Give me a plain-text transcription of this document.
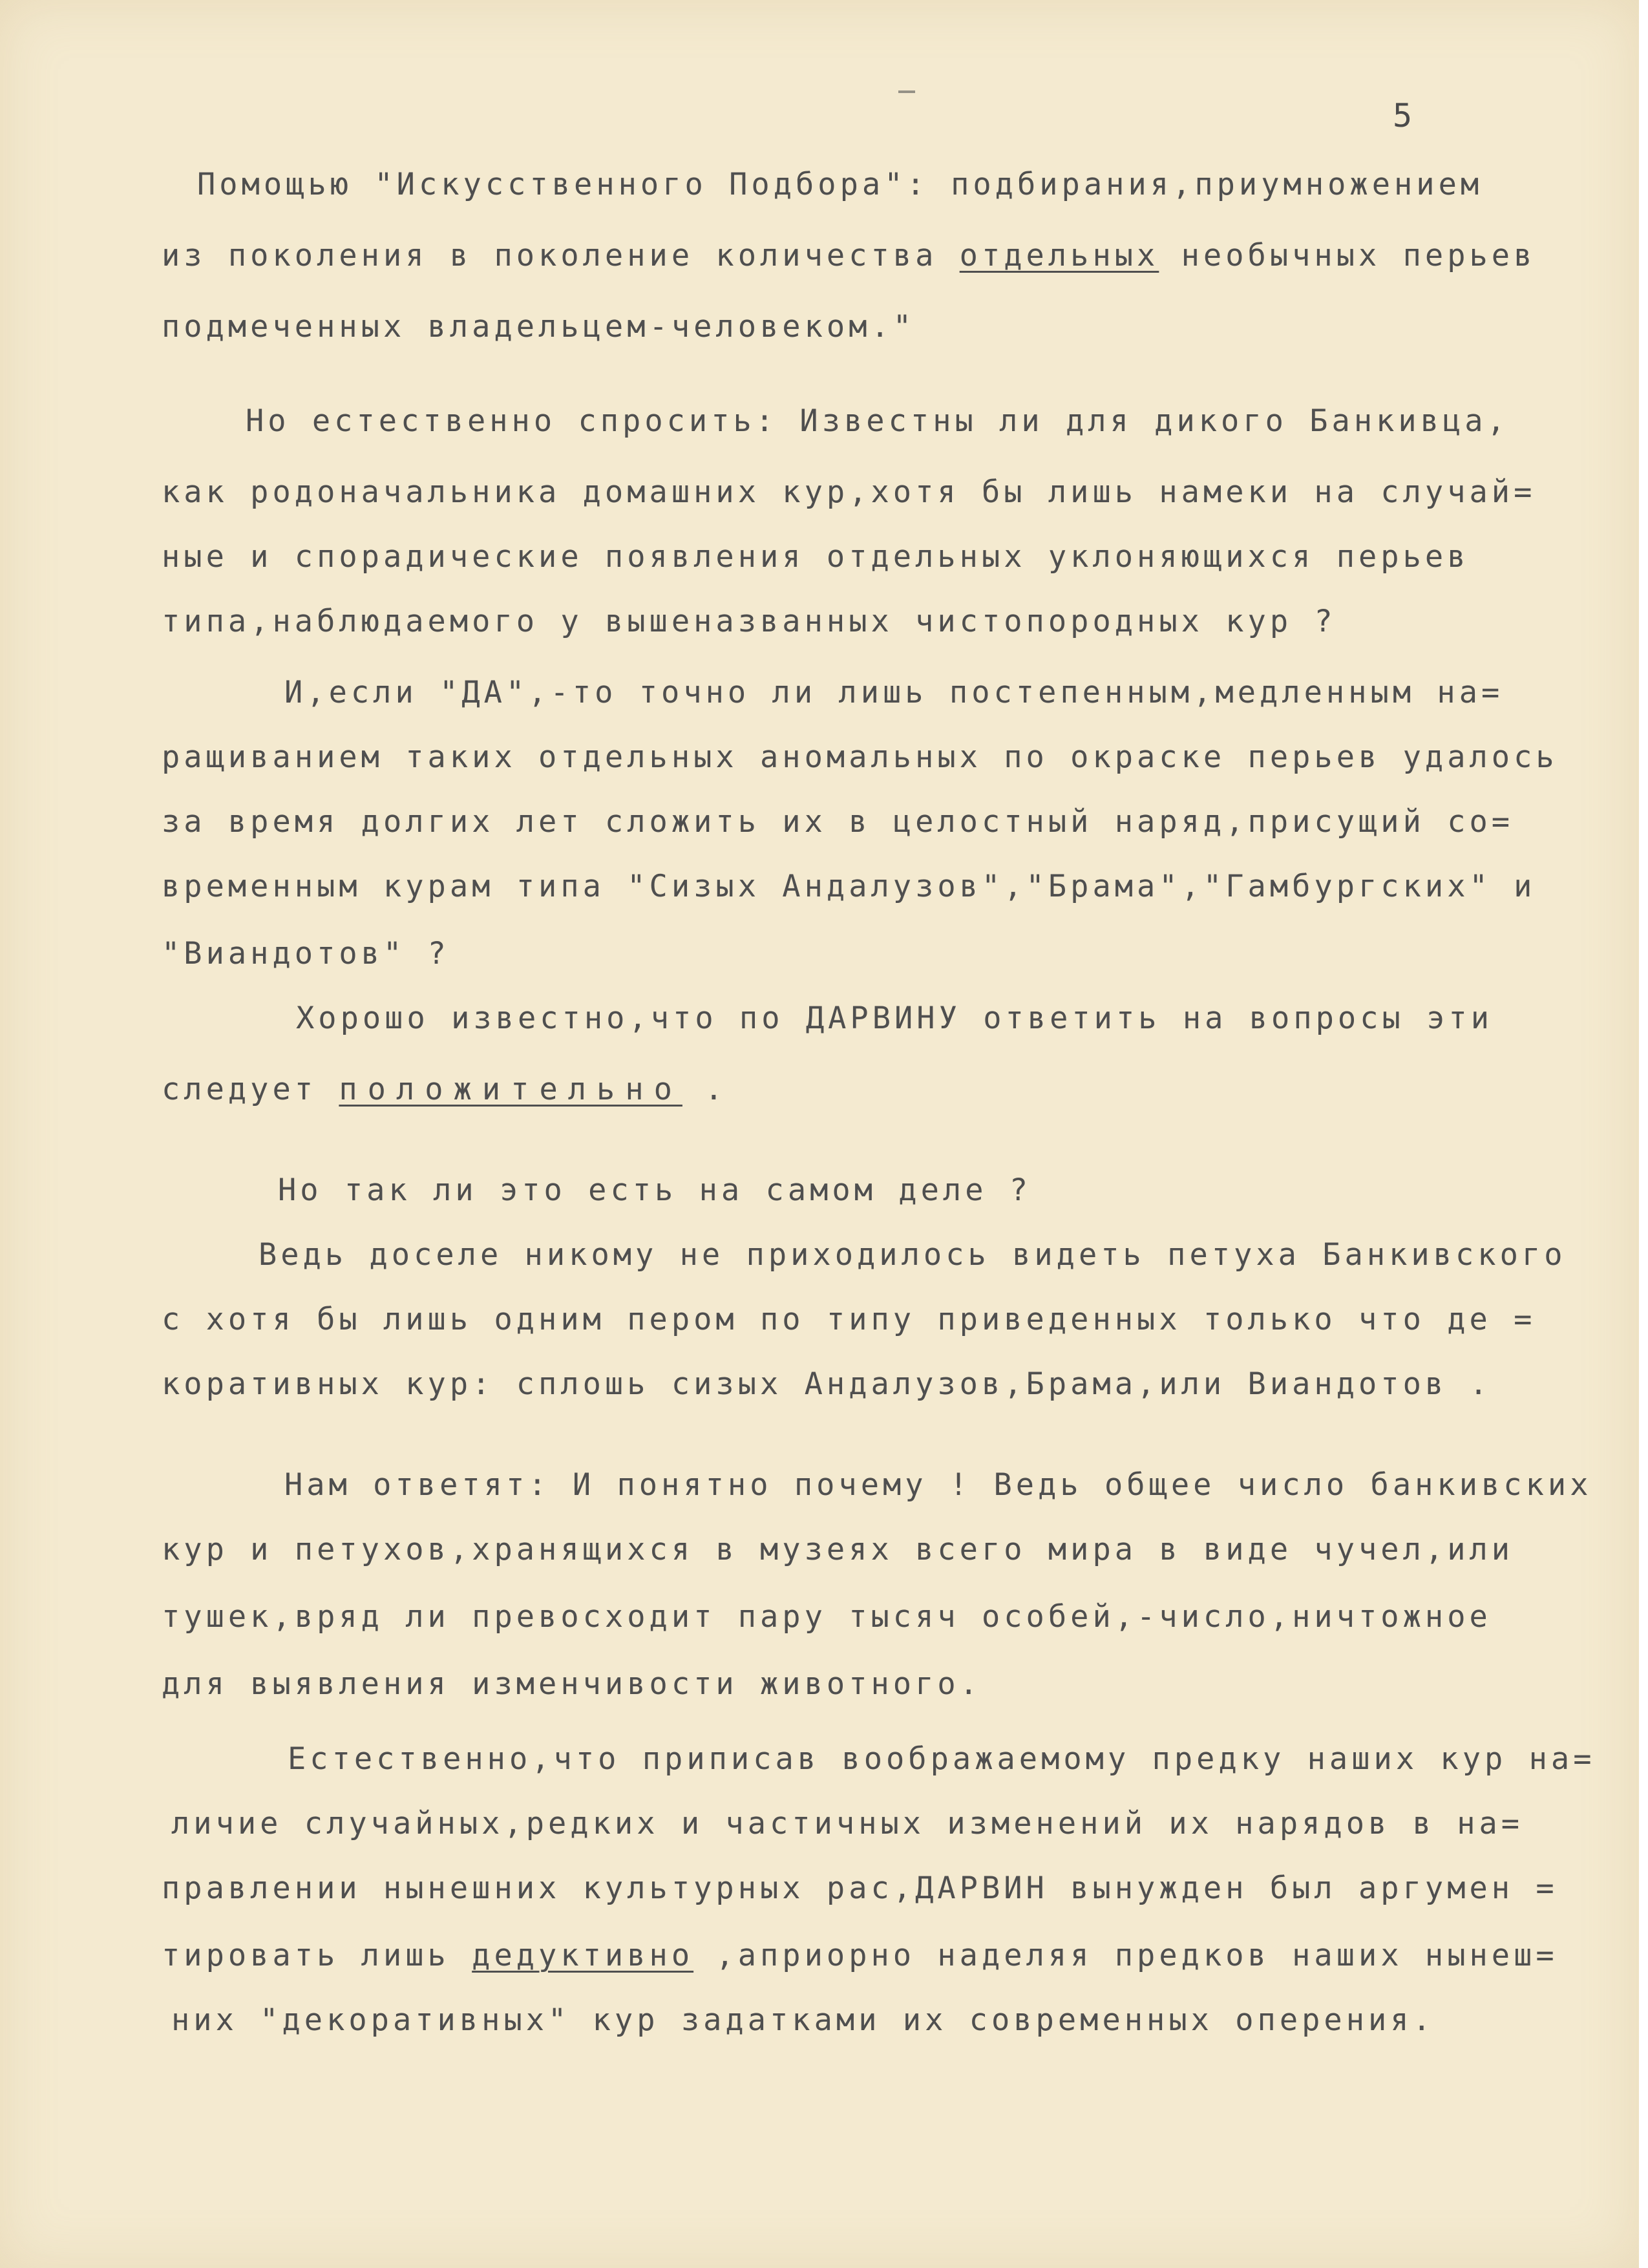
5
Помощью "Искусственного Подбора": подбирания,приумножением
из поколения в поколение количества отдельных необычных перьев
подмеченных владельцем-человеком."
Но естественно спросить: Известны ли для дикого Банкивца,
как родоначальника домашних кур,хотя бы лишь намеки на случай=
ные и спорадические появления отдельных уклоняющихся перьев
типа,наблюдаемого у вышеназванных чистопородных кур ?
И,если "ДА",-то точно ли лишь постепенным,медленным на=
ращиванием таких отдельных аномальных по окраске перьев удалось
за время долгих лет сложить их в целостный наряд,присущий со=
временным курам типа "Сизых Андалузов","Брама","Гамбургских" и
"Виандотов" ?
Хорошо известно,что по ДАРВИНУ ответить на вопросы эти
следует положительно .
Но так ли это есть на самом деле ?
Ведь доселе никому не приходилось видеть петуха Банкивского
с хотя бы лишь одним пером по типу приведенных только что де =
коративных кур: сплошь сизых Андалузов,Брама,или Виандотов .
Нам ответят: И понятно почему ! Ведь общее число банкивских
кур и петухов,хранящихся в музеях всего мира в виде чучел,или
тушек,вряд ли превосходит пару тысяч особей,-число,ничтожное
для выявления изменчивости животного.
Естественно,что приписав воображаемому предку наших кур на=
личие случайных,редких и частичных изменений их нарядов в на=
правлении нынешних культурных рас,ДАРВИН вынужден был аргумен =
тировать лишь дедуктивно ,априорно наделяя предков наших нынеш=
них "декоративных" кур задатками их современных оперения.
